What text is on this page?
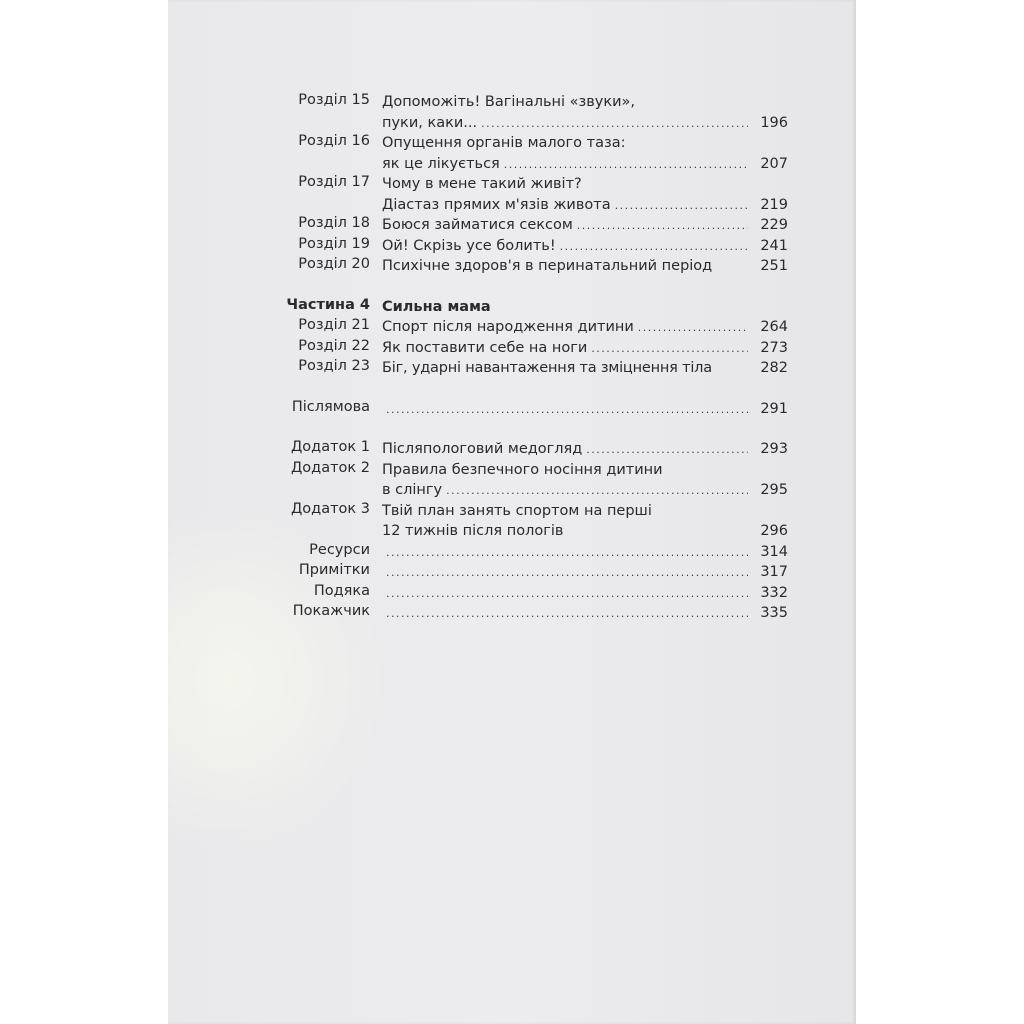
Розділ 15 Допоможіть! Вагінальні «звуки»,
пуки, каки... .....	196
Розділ 16 Опущення органів малого таза:
як це лікується .....	207
Розділ 17 Чому в мене такий живіт?
Діастаз прямих м'язів живота .....	219
Розділ 18 Боюся займатися сексом .....	229
Розділ 19 Ой! Скрізь усе болить! .....	241
Розділ 20 Психічне здоров'я в перинатальний період	251
Частина 4 Сильна мама
Розділ 21 Спорт після народження дитини .....	264
Розділ 22 Як поставити себе на ноги .....	273
Розділ 23 Біг, ударні навантаження та зміцнення тіла	282
Післямова .....	291
Додаток 1 Післяпологовий медогляд .....	293
Додаток 2 Правила безпечного носіння дитини
в слінгу .....	295
Додаток 3 Твій план занять спортом на перші
12 тижнів після пологів	296
Ресурси .....	314
Примітки .....	317
Подяка .....	332
Покажчик .....	335
